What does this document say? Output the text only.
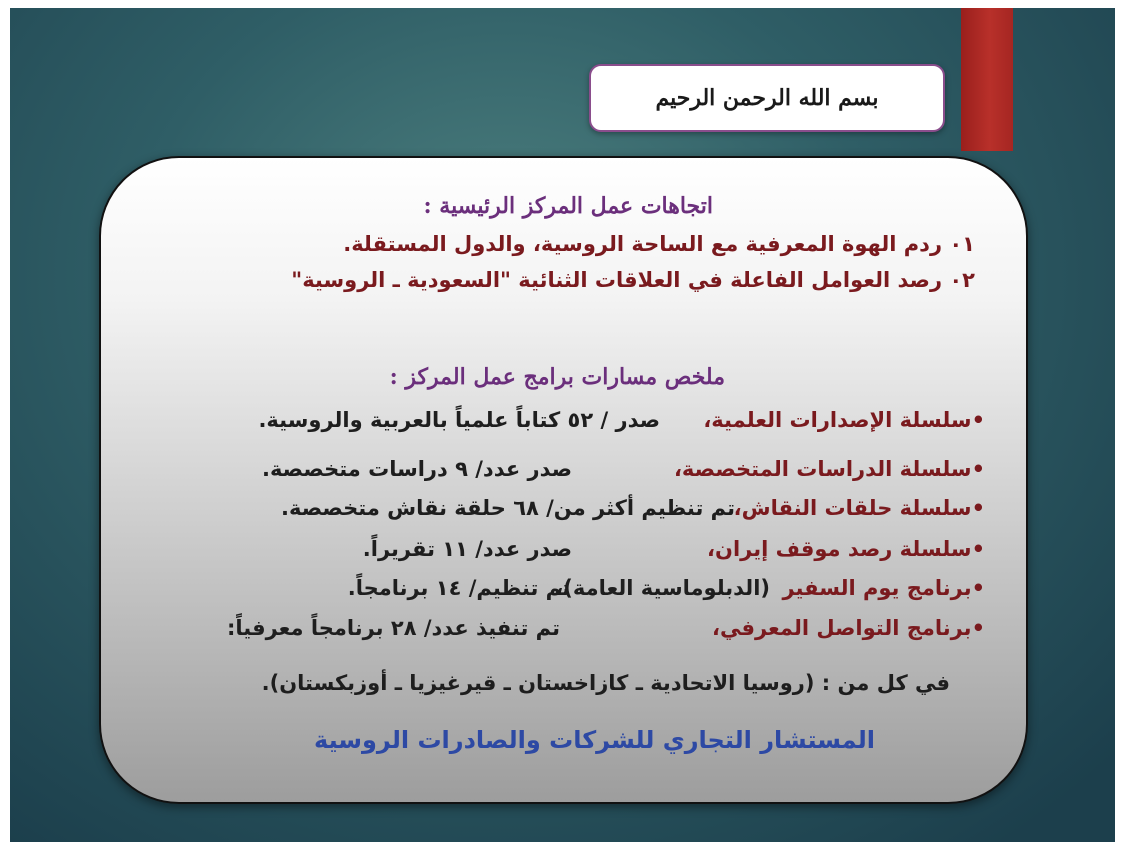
بسم الله الرحمن الرحيم
اتجاهات عمل المركز الرئيسية :
٠١ ردم الهوة المعرفية مع الساحة الروسية، والدول المستقلة.
٠٢ رصد العوامل الفاعلة في العلاقات الثنائية "السعودية ـ الروسية"
ملخص مسارات برامج عمل المركز :
•سلسلة الإصدارات العلمية،
صدر / ٥٢ كتاباً علمياً بالعربية والروسية.
•سلسلة الدراسات المتخصصة،
صدر عدد/ ٩ دراسات متخصصة.
•سلسلة حلقات النقاش،
تم تنظيم أكثر من/ ٦٨ حلقة نقاش متخصصة.
•سلسلة رصد موقف إيران،
صدر عدد/ ١١ تقريراً.
•برنامج يوم السفير
(الدبلوماسية العامة)،
تم تنظيم/ ١٤ برنامجاً.
•برنامج التواصل المعرفي،
تم تنفيذ عدد/ ٢٨ برنامجاً معرفياً:
في كل من : (روسيا الاتحادية ـ كازاخستان ـ قيرغيزيا ـ أوزبكستان).
المستشار التجاري للشركات والصادرات الروسية
